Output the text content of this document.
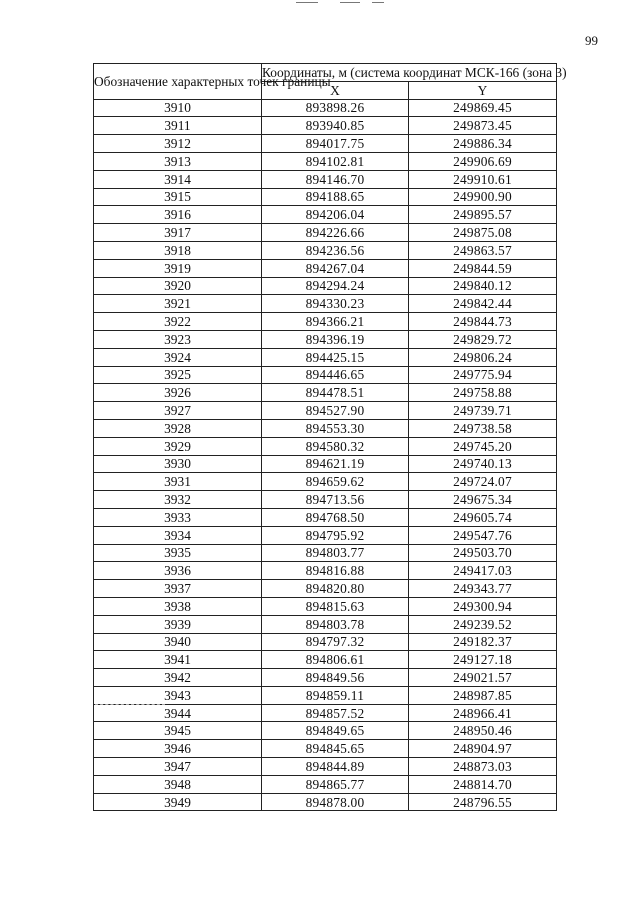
99
Обозначение характерных точек границы	Координаты, м (система координат МСК-166 (зона 3)	
	X	Y
3910	893898.26	249869.45
3911	893940.85	249873.45
3912	894017.75	249886.34
3913	894102.81	249906.69
3914	894146.70	249910.61
3915	894188.65	249900.90
3916	894206.04	249895.57
3917	894226.66	249875.08
3918	894236.56	249863.57
3919	894267.04	249844.59
3920	894294.24	249840.12
3921	894330.23	249842.44
3922	894366.21	249844.73
3923	894396.19	249829.72
3924	894425.15	249806.24
3925	894446.65	249775.94
3926	894478.51	249758.88
3927	894527.90	249739.71
3928	894553.30	249738.58
3929	894580.32	249745.20
3930	894621.19	249740.13
3931	894659.62	249724.07
3932	894713.56	249675.34
3933	894768.50	249605.74
3934	894795.92	249547.76
3935	894803.77	249503.70
3936	894816.88	249417.03
3937	894820.80	249343.77
3938	894815.63	249300.94
3939	894803.78	249239.52
3940	894797.32	249182.37
3941	894806.61	249127.18
3942	894849.56	249021.57
3943	894859.11	248987.85
3944	894857.52	248966.41
3945	894849.65	248950.46
3946	894845.65	248904.97
3947	894844.89	248873.03
3948	894865.77	248814.70
3949	894878.00	248796.55
